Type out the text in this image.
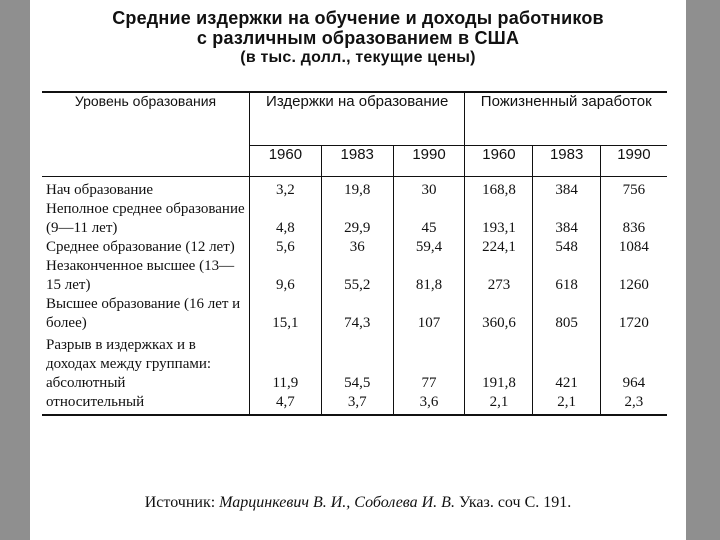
Средние издержки на обучение и доходы работников
с различным образованием в США
(в тыс. долл., текущие цены)
Уровень образования	Издержки на образование			Пожизненный заработок		
	1960	1983	1990	1960	1983	1990
Нач образование	3,2	19,8	30	168,8	384	756
Неполное среднее образование (9—11 лет)	4,8	29,9	45	193,1	384	836
Среднее образование (12 лет)	5,6	36	59,4	224,1	548	1084
Незаконченное высшее (13—15 лет)	9,6	55,2	81,8	273	618	1260
Высшее образование (16 лет и более)	15,1	74,3	107	360,6	805	1720
Разрыв в издержках и в доходах между группами:						
абсолютный	11,9	54,5	77	191,8	421	964
относительный	4,7	3,7	3,6	2,1	2,1	2,3
Источник: Марцинкевич В. И., Соболева И. В. Указ. соч С. 191.
